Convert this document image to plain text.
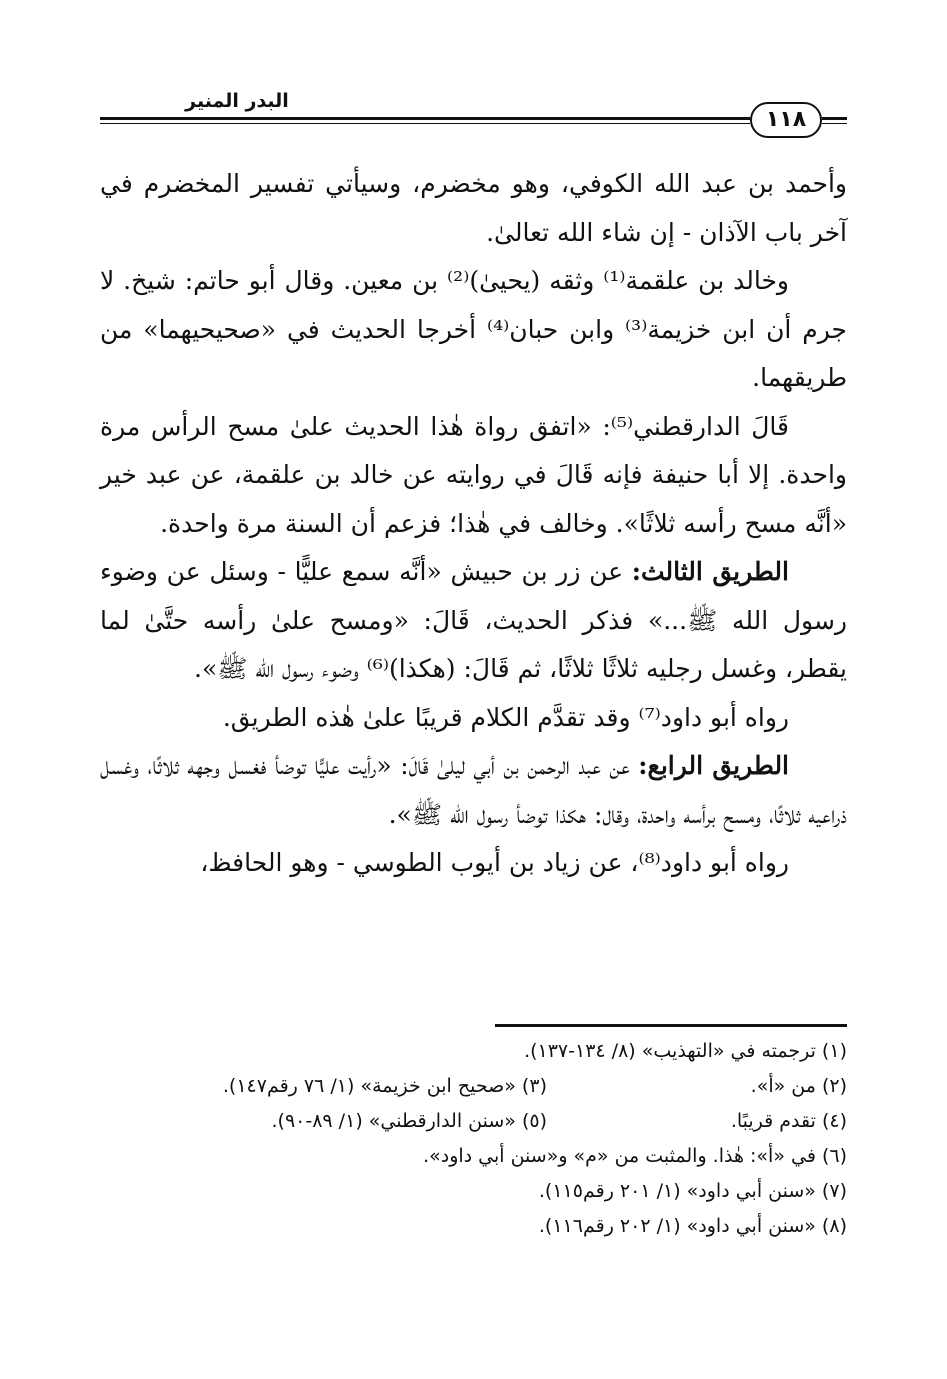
البدر المنير
١١٨

وأحمد بن عبد الله الكوفي، وهو مخضرم، وسيأتي تفسير المخضرم في آخر باب الآذان - إن شاء الله تعالىٰ.

وخالد بن علقمة⁽¹⁾ وثقه (يحيىٰ)⁽²⁾ بن معين. وقال أبو حاتم: شيخ. لا جرم أن ابن خزيمة⁽³⁾ وابن حبان⁽⁴⁾ أخرجا الحديث في «صحيحيهما» من طريقهما.

قَالَ الدارقطني⁽⁵⁾: «اتفق رواة هٰذا الحديث علىٰ مسح الرأس مرة واحدة. إلا أبا حنيفة فإنه قَالَ في روايته عن خالد بن علقمة، عن عبد خير «أنَّه مسح رأسه ثلاثًا». وخالف في هٰذا؛ فزعم أن السنة مرة واحدة.

الطريق الثالث: عن زر بن حبيش «أنَّه سمع عليًّا - وسئل عن وضوء رسول الله ﷺ...» فذكر الحديث، قَالَ: «ومسح علىٰ رأسه حتَّىٰ لما يقطر، وغسل رجليه ثلاثًا ثلاثًا، ثم قَالَ: (هكذا)⁽⁶⁾ وضوء رسول الله ﷺ».

رواه أبو داود⁽⁷⁾ وقد تقدَّم الكلام قريبًا علىٰ هٰذه الطريق.

الطريق الرابع: عن عبد الرحمن بن أبي ليلىٰ قَالَ: «رأيت عليًّا توضأ فغسل وجهه ثلاثًا، وغسل ذراعيه ثلاثًا، ومسح برأسه واحدة، وقال: هكذا توضأ رسول الله ﷺ».

رواه أبو داود⁽⁸⁾، عن زياد بن أيوب الطوسي - وهو الحافظ،

(١) ترجمته في «التهذيب» (٨/ ١٣٤-١٣٧).
(٢) من «أ».
(٣) «صحيح ابن خزيمة» (١/ ٧٦ رقم١٤٧).
(٤) تقدم قريبًا.
(٥) «سنن الدارقطني» (١/ ٨٩-٩٠).
(٦) في «أ»: هٰذا. والمثبت من «م» و«سنن أبي داود».
(٧) «سنن أبي داود» (١/ ٢٠١ رقم١١٥).
(٨) «سنن أبي داود» (١/ ٢٠٢ رقم١١٦).
